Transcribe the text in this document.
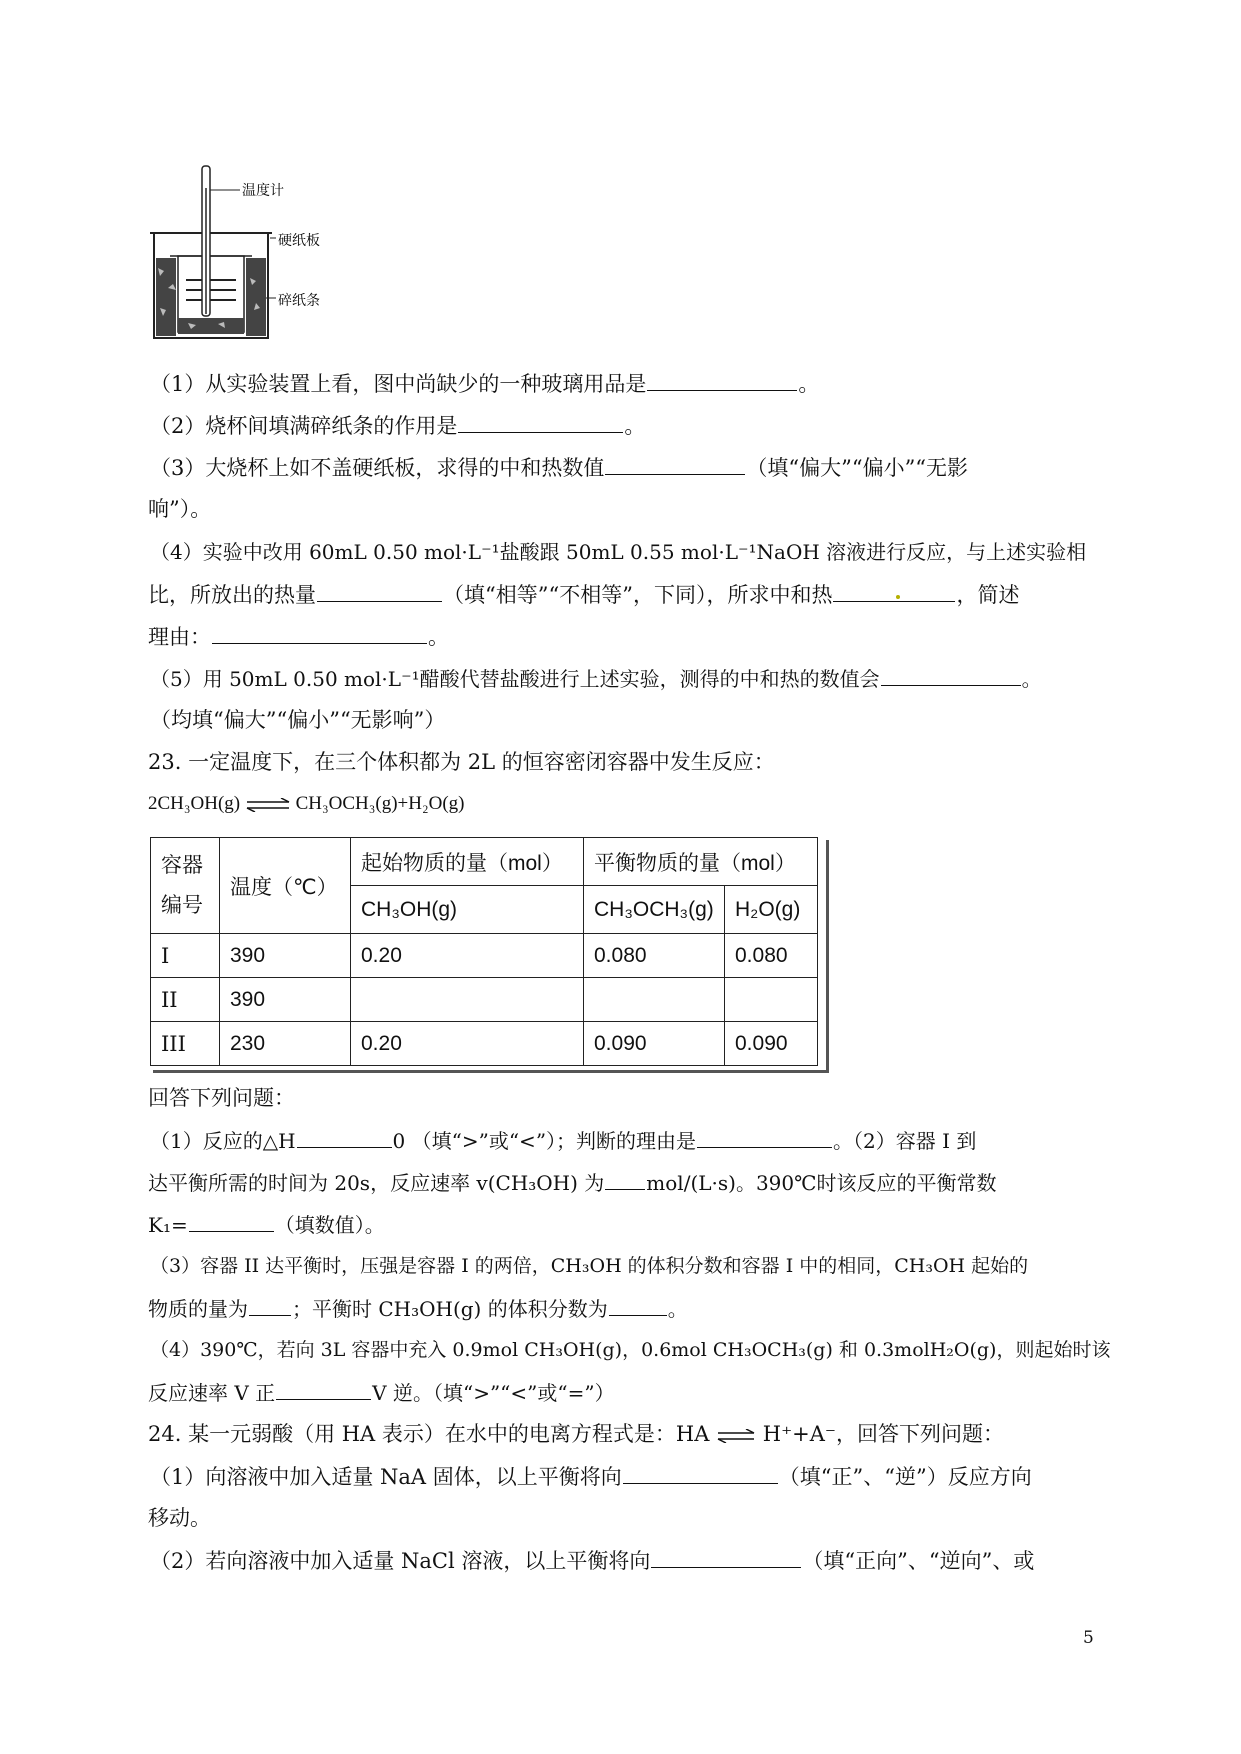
温度计
硬纸板
碎纸条
（1）从实验装置上看，图中尚缺少的一种玻璃用品是	。
（2）烧杯间填满碎纸条的作用是	。
（3）大烧杯上如不盖硬纸板，求得的中和热数值	（填“偏大”“偏小”“无影
响”）。
（4）实验中改用 60mL 0.50 mol·L⁻¹盐酸跟 50mL 0.55 mol·L⁻¹NaOH 溶液进行反应，与上述实验相
比，所放出的热量	（填“相等”“不相等”，下同），所求中和热	，简述
理由：	。
（5）用 50mL 0.50 mol·L⁻¹醋酸代替盐酸进行上述实验，测得的中和热的数值会	。
（均填“偏大”“偏小”“无影响”）
23. 一定温度下，在三个体积都为 2L 的恒容密闭容器中发生反应：
2CH₃OH(g) ⇌ CH₃OCH₃(g)+H₂O(g)
容器编号	温度（℃）	起始物质的量（mol）	平衡物质的量（mol）	
		CH₃OH(g)	CH₃OCH₃(g)	H₂O(g)
I	390	0.20	0.080	0.080
II	390			
III	230	0.20	0.090	0.090
回答下列问题：
（1）反应的△H	0 （填“>”或“<”）；判断的理由是	。（2）容器 I 到
达平衡所需的时间为 20s，反应速率 v(CH₃OH) 为 mol/(L·s)。390℃时该反应的平衡常数
K₁=	（填数值）。
（3）容器 II 达平衡时，压强是容器 I 的两倍，CH₃OH 的体积分数和容器 I 中的相同，CH₃OH 起始的
物质的量为 ；平衡时 CH₃OH(g) 的体积分数为	。
（4）390℃，若向 3L 容器中充入 0.9mol CH₃OH(g)，0.6mol CH₃OCH₃(g) 和 0.3molH₂O(g)，则起始时该
反应速率 V 正	V 逆。（填“>”“<”或“=”）
24. 某一元弱酸（用 HA 表示）在水中的电离方程式是：HA ⇌ H⁺+A⁻，回答下列问题：
（1）向溶液中加入适量 NaA 固体，以上平衡将向	（填“正”、“逆”）反应方向
移动。
（2）若向溶液中加入适量 NaCl 溶液，以上平衡将向	（填“正向”、“逆向”、或
5
